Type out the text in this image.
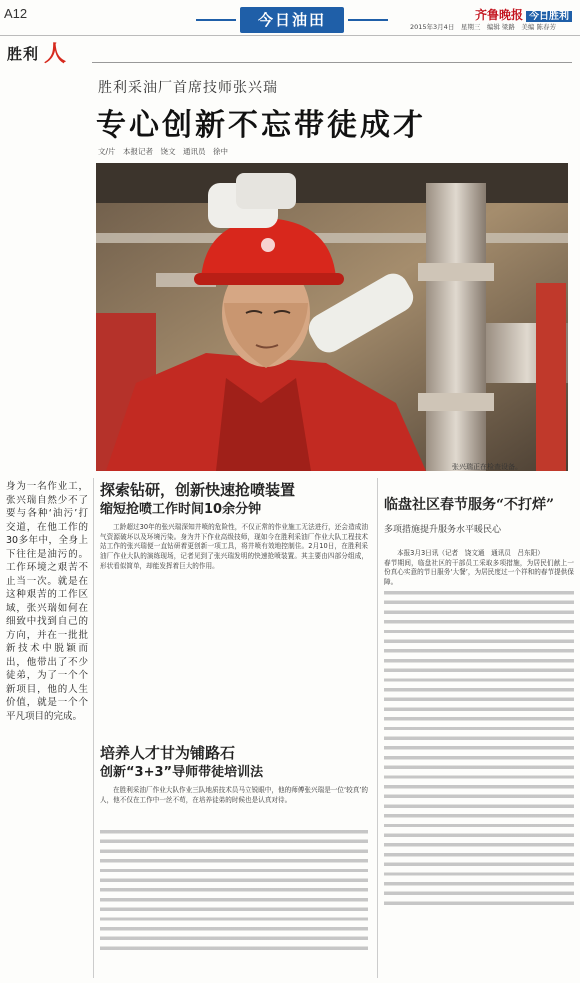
A12	今日油田	齐鲁晚报 今日胜利
2015年3月4日　星期三　编辑 梁路　美编 陈春芳
胜利 人
胜利采油厂首席技师张兴瑞
专心创新不忘带徒成才
文/片　本报记者　饶文　通讯员　徐中
张兴瑞正在检查设备。

身为一名作业工，张兴瑞自然少不了要与各种‘油污’打交道，在他工作的30多年中，全身上下往往是油污的。工作环境之艰苦不止当一次。就是在这种艰苦的工作区域，张兴瑞如何在细致中找到自己的方向，并在一批批新技术中脱颖而出，他带出了不少徒弟，为了一个个新项目，他的人生价值，就是一个个平凡项目的完成。

探索钻研，创新快速抢喷装置
缩短抢喷工作时间10余分钟

工龄超过30年的张兴瑞深知井喷的危险性，不仅正常的作业施工无法进行，还会造成油气资源破坏以及环境污染。身为井下作业高级技师，现如今在胜利采油厂作业大队工程技术站工作的张兴瑞便一直钻研着更创新一项工具，将井喷有效地控制住。2月10日，在胜利采油厂作业大队的演练现场，记者见到了张兴瑞发明的快速抢喷装置。其主要由四部分组成，形状看似简单，却能发挥着巨大的作用。

培养人才甘为铺路石
创新“3+3”导师带徒培训法

在胜利采油厂作业大队作业三队地质技术员马立锐眼中，他的师傅张兴瑞是一位‘较真’的人，他不仅在工作中一丝不苟，在培养徒弟的时候也是认真对待。

临盘社区春节服务“不打烊”
多项措施提升服务水平暖民心

本报3月3日讯（记者　饶文通　通讯员　吕东阳）

春节期间，临盘社区的干部员工采取多项措施，为居民们献上一份真心实意的节日服务‘大餐’，为居民度过一个祥和的春节提供保障。
